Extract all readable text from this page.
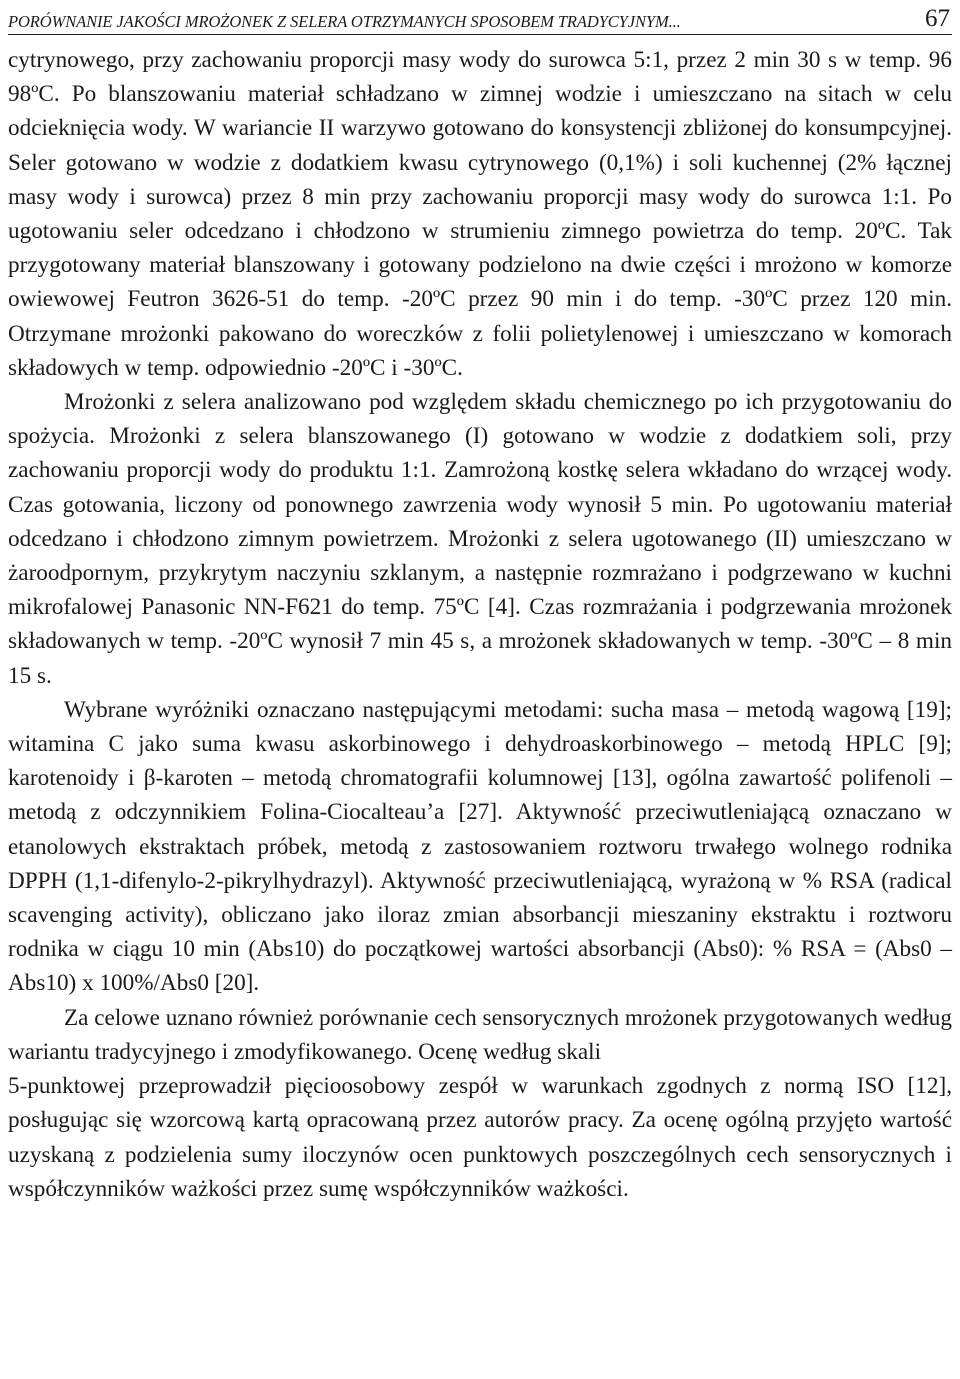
PORÓWNANIE JAKOŚCI MROŻONEK Z SELERA OTRZYMANYCH SPOSOBEM TRADYCYJNYM...	67

cytrynowego, przy zachowaniu proporcji masy wody do surowca 5:1, przez 2 min 30 s w temp. 96 98ºC. Po blanszowaniu materiał schładzano w zimnej wodzie i umieszczano na sitach w celu odcieknięcia wody. W wariancie II warzywo gotowano do konsystencji zbliżonej do konsumpcyjnej. Seler gotowano w wodzie z dodatkiem kwasu cytrynowego (0,1%) i soli kuchennej (2% łącznej masy wody i surowca) przez 8 min przy zachowaniu proporcji masy wody do surowca 1:1. Po ugotowaniu seler odcedzano i chłodzono w strumieniu zimnego powietrza do temp. 20ºC. Tak przygotowany materiał blanszowany i gotowany podzielono na dwie części i mrożono w komorze owiewowej Feutron 3626-51 do temp. -20ºC przez 90 min i do temp. -30ºC przez 120 min. Otrzymane mrożonki pakowano do woreczków z folii polietylenowej i umieszczano w komorach składowych w temp. odpowiednio -20ºC i -30ºC.

Mrożonki z selera analizowano pod względem składu chemicznego po ich przygotowaniu do spożycia. Mrożonki z selera blanszowanego (I) gotowano w wodzie z dodatkiem soli, przy zachowaniu proporcji wody do produktu 1:1. Zamrożoną kostkę selera wkładano do wrzącej wody. Czas gotowania, liczony od ponownego zawrzenia wody wynosił 5 min. Po ugotowaniu materiał odcedzano i chłodzono zimnym powietrzem. Mrożonki z selera ugotowanego (II) umieszczano w żaroodpornym, przykrytym naczyniu szklanym, a następnie rozmrażano i podgrzewano w kuchni mikrofalowej Panasonic NN-F621 do temp. 75ºC [4]. Czas rozmrażania i podgrzewania mrożonek składowanych w temp. -20ºC wynosił 7 min 45 s, a mrożonek składowanych w temp. -30ºC – 8 min 15 s.

Wybrane wyróżniki oznaczano następującymi metodami: sucha masa – metodą wagową [19]; witamina C jako suma kwasu askorbinowego i dehydroaskorbinowego – metodą HPLC [9]; karotenoidy i β-karoten – metodą chromatografii kolumnowej [13], ogólna zawartość polifenoli – metodą z odczynnikiem Folina-Ciocalteau’a [27]. Aktywność przeciwutleniającą oznaczano w etanolowych ekstraktach próbek, metodą z zastosowaniem roztworu trwałego wolnego rodnika DPPH (1,1-difenylo-2-pikrylhydrazyl). Aktywność przeciwutleniającą, wyrażoną w % RSA (radical scavenging activity), obliczano jako iloraz zmian absorbancji mieszaniny ekstraktu i roztworu rodnika w ciągu 10 min (Abs10) do początkowej wartości absorbancji (Abs0): % RSA = (Abs0 – Abs10) x 100%/Abs0 [20].

Za celowe uznano również porównanie cech sensorycznych mrożonek przygotowanych według wariantu tradycyjnego i zmodyfikowanego. Ocenę według skali

5-punktowej przeprowadził pięcioosobowy zespół w warunkach zgodnych z normą ISO [12], posługując się wzorcową kartą opracowaną przez autorów pracy. Za ocenę ogólną przyjęto wartość uzyskaną z podzielenia sumy iloczynów ocen punktowych poszczególnych cech sensorycznych i współczynników ważkości przez sumę współczynników ważkości.
